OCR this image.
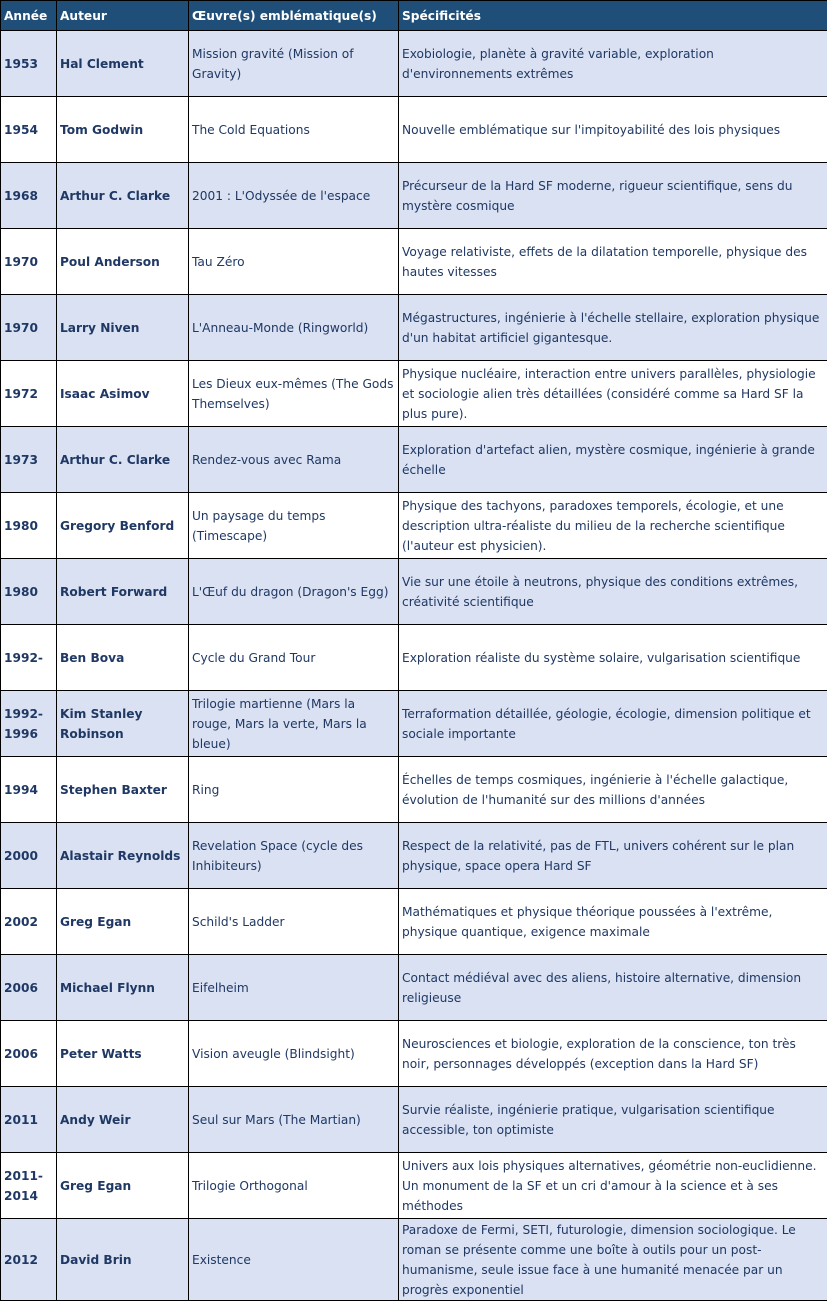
Année	Auteur	Œuvre(s) emblématique(s)	Spécificités
1953	Hal Clement	Mission gravité (Mission of Gravity)	Exobiologie, planète à gravité variable, exploration d'environnements extrêmes
1954	Tom Godwin	The Cold Equations	Nouvelle emblématique sur l'impitoyabilité des lois physiques
1968	Arthur C. Clarke	2001 : L'Odyssée de l'espace	Précurseur de la Hard SF moderne, rigueur scientifique, sens du mystère cosmique
1970	Poul Anderson	Tau Zéro	Voyage relativiste, effets de la dilatation temporelle, physique des hautes vitesses
1970	Larry Niven	L'Anneau-Monde (Ringworld)	Mégastructures, ingénierie à l'échelle stellaire, exploration physique d'un habitat artificiel gigantesque.
1972	Isaac Asimov	Les Dieux eux-mêmes (The Gods Themselves)	Physique nucléaire, interaction entre univers parallèles, physiologie et sociologie alien très détaillées (considéré comme sa Hard SF la plus pure).
1973	Arthur C. Clarke	Rendez-vous avec Rama	Exploration d'artefact alien, mystère cosmique, ingénierie à grande échelle
1980	Gregory Benford	Un paysage du temps (Timescape)	Physique des tachyons, paradoxes temporels, écologie, et une description ultra-réaliste du milieu de la recherche scientifique (l'auteur est physicien).
1980	Robert Forward	L'Œuf du dragon (Dragon's Egg)	Vie sur une étoile à neutrons, physique des conditions extrêmes, créativité scientifique
1992-	Ben Bova	Cycle du Grand Tour	Exploration réaliste du système solaire, vulgarisation scientifique
1992-1996	Kim Stanley Robinson	Trilogie martienne (Mars la rouge, Mars la verte, Mars la bleue)	Terraformation détaillée, géologie, écologie, dimension politique et sociale importante
1994	Stephen Baxter	Ring	Échelles de temps cosmiques, ingénierie à l'échelle galactique, évolution de l'humanité sur des millions d'années
2000	Alastair Reynolds	Revelation Space (cycle des Inhibiteurs)	Respect de la relativité, pas de FTL, univers cohérent sur le plan physique, space opera Hard SF
2002	Greg Egan	Schild's Ladder	Mathématiques et physique théorique poussées à l'extrême, physique quantique, exigence maximale
2006	Michael Flynn	Eifelheim	Contact médiéval avec des aliens, histoire alternative, dimension religieuse
2006	Peter Watts	Vision aveugle (Blindsight)	Neurosciences et biologie, exploration de la conscience, ton très noir, personnages développés (exception dans la Hard SF)
2011	Andy Weir	Seul sur Mars (The Martian)	Survie réaliste, ingénierie pratique, vulgarisation scientifique accessible, ton optimiste
2011-2014	Greg Egan	Trilogie Orthogonal	Univers aux lois physiques alternatives, géométrie non-euclidienne. Un monument de la SF et un cri d'amour à la science et à ses méthodes
2012	David Brin	Existence	Paradoxe de Fermi, SETI, futurologie, dimension sociologique. Le roman se présente comme une boîte à outils pour un post-humanisme, seule issue face à une humanité menacée par un progrès exponentiel
